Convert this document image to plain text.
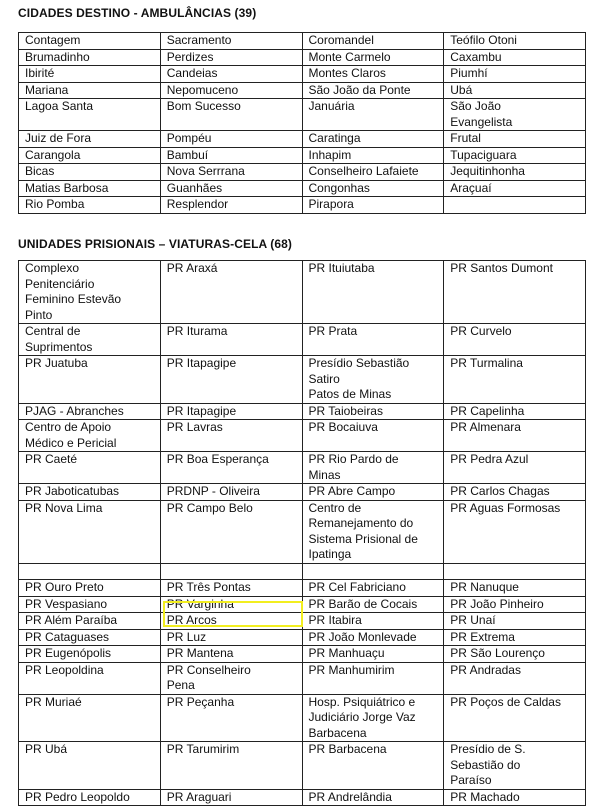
CIDADES DESTINO - AMBULÂNCIAS (39)
Contagem	Sacramento	Coromandel	Teófilo Otoni

Brumadinho	Perdizes	Monte Carmelo	Caxambu

Ibirité	Candeias	Montes Claros	Piumhí

Mariana	Nepomuceno	São João da Ponte	Ubá

Lagoa Santa	Bom Sucesso	Januária	São João
Evangelista

Juiz de Fora	Pompéu	Caratinga	Frutal

Carangola	Bambuí	Inhapim	Tupaciguara

Bicas	Nova Serrrana	Conselheiro Lafaiete	Jequitinhonha

Matias Barbosa	Guanhães	Congonhas	Araçuaí

Rio Pomba	Resplendor	Pirapora	

UNIDADES PRISIONAIS – VIATURAS-CELA (68)
Complexo
Penitenciário
Feminino Estevão
Pinto	PR Araxá	PR Ituiutaba	PR Santos Dumont

Central de
Suprimentos	PR Iturama	PR Prata	PR Curvelo

PR Juatuba	PR Itapagipe	Presídio Sebastião
Satiro
Patos de Minas	PR Turmalina

PJAG - Abranches	PR Itapagipe	PR Taiobeiras	PR Capelinha

Centro de Apoio
Médico e Pericial	PR Lavras	PR Bocaiuva	PR Almenara

PR Caeté	PR Boa Esperança	PR Rio Pardo de
Minas	PR Pedra Azul

PR Jaboticatubas	PRDNP - Oliveira	PR Abre Campo	PR Carlos Chagas

PR Nova Lima	PR Campo Belo	Centro de
Remanejamento do
Sistema Prisional de
Ipatinga	PR Aguas Formosas

PR Ouro Preto	PR Três Pontas	PR Cel Fabriciano	PR Nanuque

PR Vespasiano	PR Varginha	PR Barão de Cocais	PR João Pinheiro

PR Além Paraíba	PR Arcos	PR Itabira	PR Unaí

PR Cataguases	PR Luz	PR João Monlevade	PR Extrema

PR Eugenópolis	PR Mantena	PR Manhuaçu	PR São Lourenço

PR Leopoldina	PR Conselheiro
Pena	PR Manhumirim	PR Andradas

PR Muriaé	PR Peçanha	Hosp. Psiquiátrico e
Judiciário Jorge Vaz
Barbacena	PR Poços de Caldas

PR Ubá	PR Tarumirim	PR Barbacena	Presídio de S.
Sebastião do
Paraíso

PR Pedro Leopoldo	PR Araguari	PR Andrelândia	PR Machado
